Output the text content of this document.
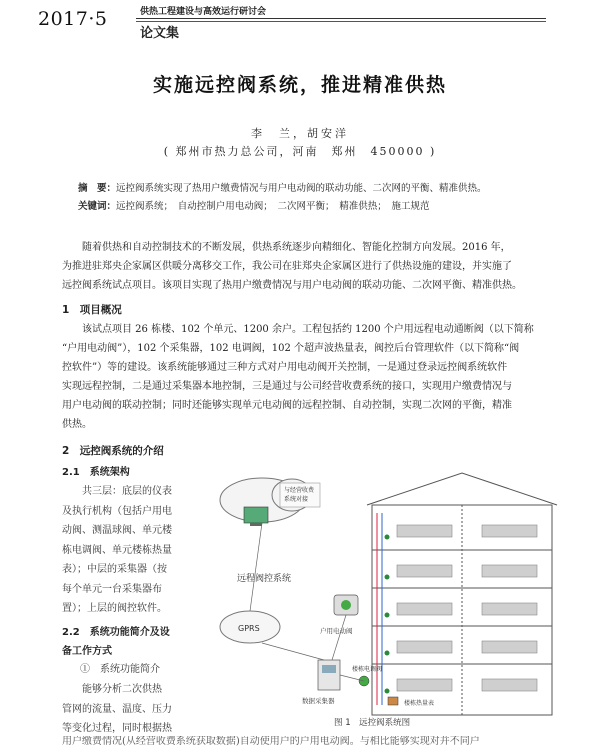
2017·5	供热工程建设与高效运行研讨会
论文集
实施远控阀系统，推进精准供热
李　兰，胡安洋
( 郑州市热力总公司，河南　郑州　450000 )
摘　要：远控阀系统实现了热用户缴费情况与用户电动阀的联动功能、二次网的平衡、精准供热。
关键词：远控阀系统；　自动控制户用电动阀；　二次网平衡；　精准供热；　施工规范
随着供热和自动控制技术的不断发展，供热系统逐步向精细化、智能化控制方向发展。2016 年，
为推进驻郑央企家属区供暖分离移交工作，我公司在驻郑央企家属区进行了供热设施的建设，并实施了
远控阀系统试点项目。该项目实现了热用户缴费情况与用户电动阀的联动功能、二次网平衡、精准供热。
1　项目概况
该试点项目 26 栋楼、102 个单元、1200 余户。工程包括约 1200 个户用远程电动通断阀（以下简称
“户用电动阀”），102 个采集器，102 电调阀，102 个超声波热量表，阀控后台管理软件（以下简称“阀
控软件”）等的建设。该系统能够通过三种方式对户用电动阀开关控制，一是通过登录远控阀系统软件
实现远程控制，二是通过采集器本地控制，三是通过与公司经营收费系统的接口，实现用户缴费情况与
用户电动阀的联动控制；同时还能够实现单元电动阀的远程控制、自动控制，实现二次网的平衡，精准
供热。
2　远控阀系统的介绍
2.1　系统架构
共三层：底层的仪表
及执行机构（包括户用电
动阀、测温球阀、单元楼
栋电调阀、单元楼栋热量
表）；中层的采集器（按
每个单元一台采集器布
置）；上层的阀控软件。
2.2　系统功能简介及设
备工作方式
①　系统功能简介
能够分析二次供热
管网的流量、温度、压力
等变化过程，同时根据热
用户缴费情况(从经营收费系统获取数据)自动使用户的户用电动阀。与相比能够实现对并不同户
与经营收费
系统对接
远程阀控系统
GPRS	户用电动阀
数据采集器
楼栋电调阀
楼栋热量表
图 1　远控阀系统图
